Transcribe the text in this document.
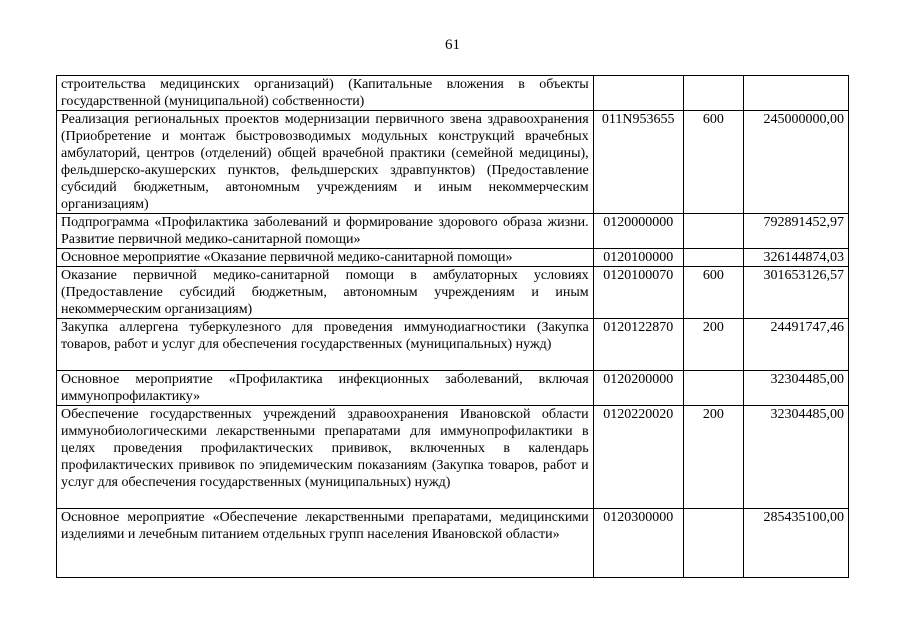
61
строительства медицинских организаций) (Капитальные вложения в объекты государственной (муниципальной) собственности)			
Реализация региональных проектов модернизации первичного звена здравоохранения (Приобретение и монтаж быстровозводимых модульных конструкций врачебных амбулаторий, центров (отделений) общей врачебной практики (семейной медицины), фельдшерско-акушерских пунктов, фельдшерских здравпунктов) (Предоставление субсидий бюджетным, автономным учреждениям и иным некоммерческим организациям)	011N953655	600	245000000,00
Подпрограмма «Профилактика заболеваний и формирование здорового образа жизни. Развитие первичной медико-санитарной помощи»	0120000000		792891452,97
Основное мероприятие «Оказание первичной медико-санитарной помощи»	0120100000		326144874,03
Оказание первичной медико-санитарной помощи в амбулаторных условиях (Предоставление субсидий бюджетным, автономным учреждениям и иным некоммерческим организациям)	0120100070	600	301653126,57
Закупка аллергена туберкулезного для проведения иммунодиагностики (Закупка товаров, работ и услуг для обеспечения государственных (муниципальных) нужд)	0120122870	200	24491747,46
Основное мероприятие «Профилактика инфекционных заболеваний, включая иммунопрофилактику»	0120200000		32304485,00
Обеспечение государственных учреждений здравоохранения Ивановской области иммунобиологическими лекарственными препаратами для иммунопрофилактики в целях проведения профилактических прививок, включенных в календарь профилактических прививок по эпидемическим показаниям (Закупка товаров, работ и услуг для обеспечения государственных (муниципальных) нужд)	0120220020	200	32304485,00
Основное мероприятие «Обеспечение лекарственными препаратами, медицинскими изделиями и лечебным питанием отдельных групп населения Ивановской области»	0120300000		285435100,00
